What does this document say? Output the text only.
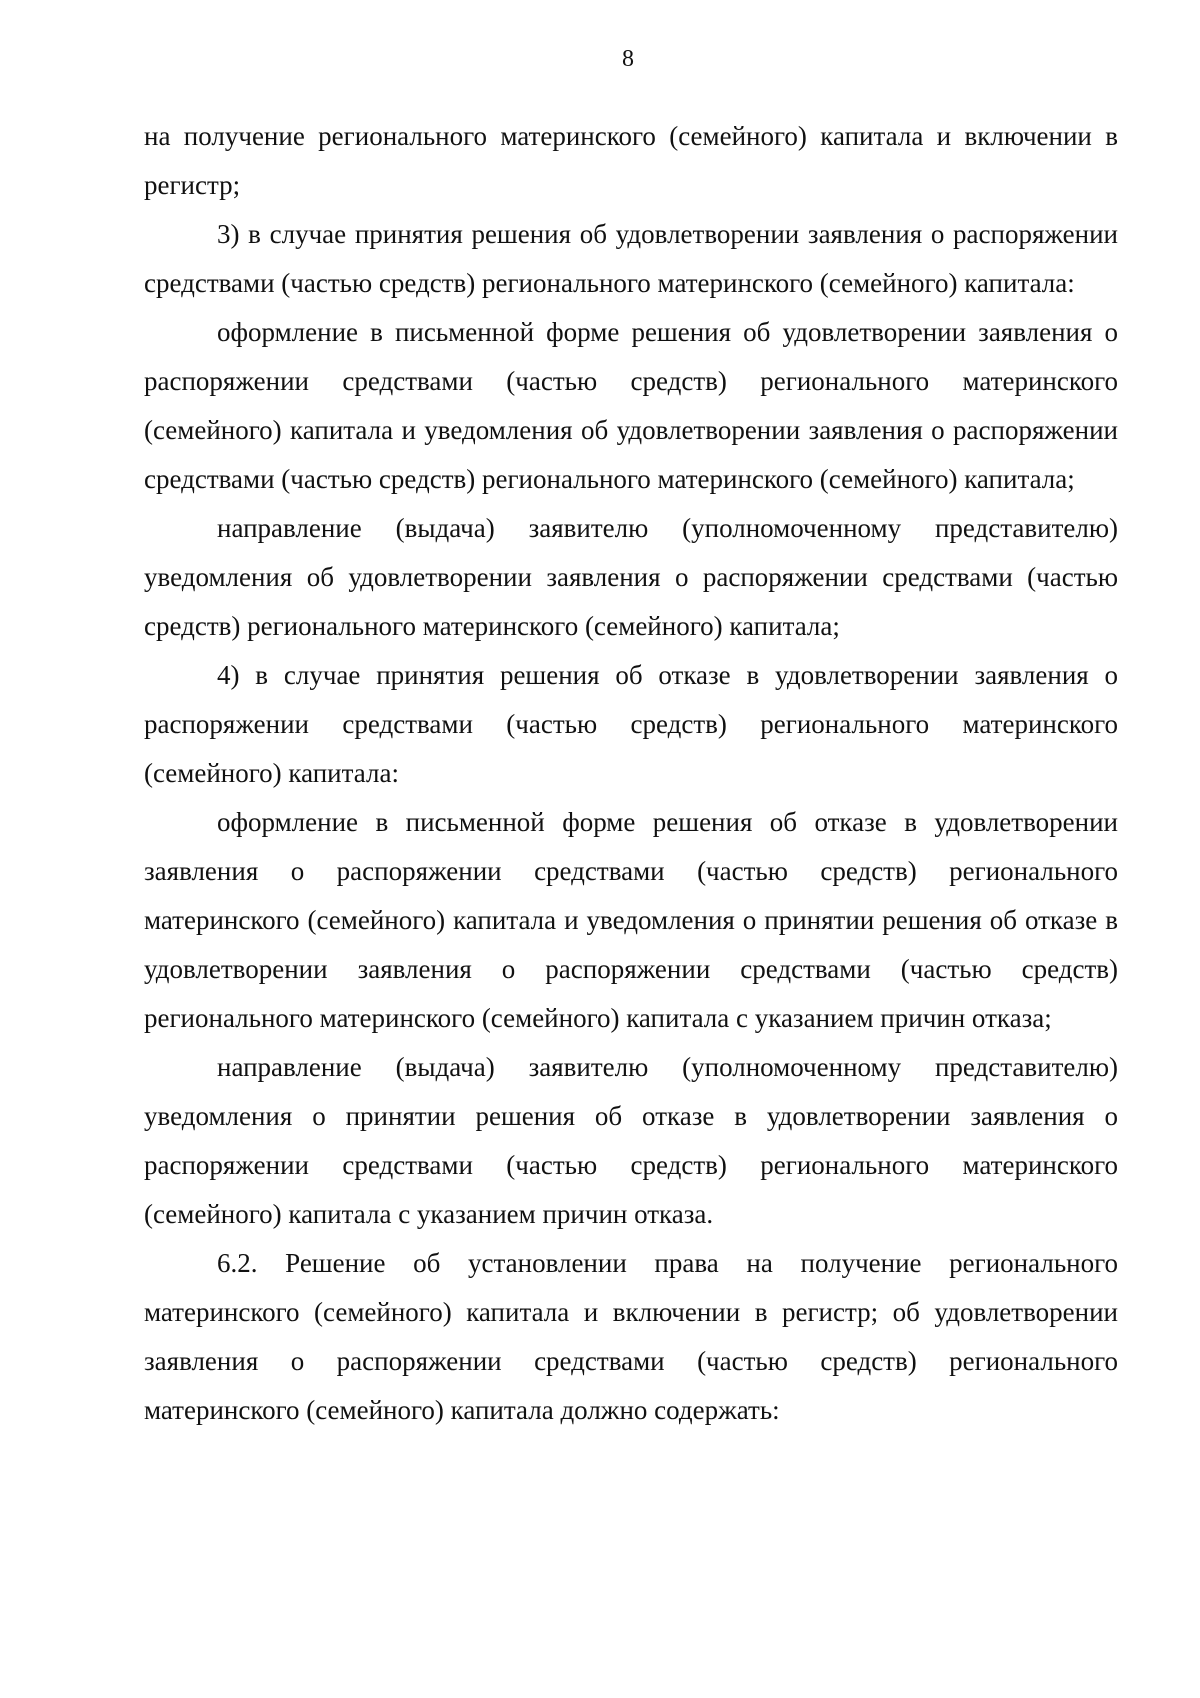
8

на получение регионального материнского (семейного) капитала и включении в регистр;

3) в случае принятия решения об удовлетворении заявления о распоряжении средствами (частью средств) регионального материнского (семейного) капитала:

оформление в письменной форме решения об удовлетворении заявления о распоряжении средствами (частью средств) регионального материнского (семейного) капитала и уведомления об удовлетворении заявления о распоряжении средствами (частью средств) регионального материнского (семейного) капитала;

направление (выдача) заявителю (уполномоченному представителю) уведомления об удовлетворении заявления о распоряжении средствами (частью средств) регионального материнского (семейного) капитала;

4) в случае принятия решения об отказе в удовлетворении заявления о распоряжении средствами (частью средств) регионального материнского (семейного) капитала:

оформление в письменной форме решения об отказе в удовлетворении заявления о распоряжении средствами (частью средств) регионального материнского (семейного) капитала и уведомления о принятии решения об отказе в удовлетворении заявления о распоряжении средствами (частью средств) регионального материнского (семейного) капитала с указанием причин отказа;

направление (выдача) заявителю (уполномоченному представителю) уведомления о принятии решения об отказе в удовлетворении заявления о распоряжении средствами (частью средств) регионального материнского (семейного) капитала с указанием причин отказа.

6.2. Решение об установлении права на получение регионального материнского (семейного) капитала и включении в регистр; об удовлетворении заявления о распоряжении средствами (частью средств) регионального материнского (семейного) капитала должно содержать:
